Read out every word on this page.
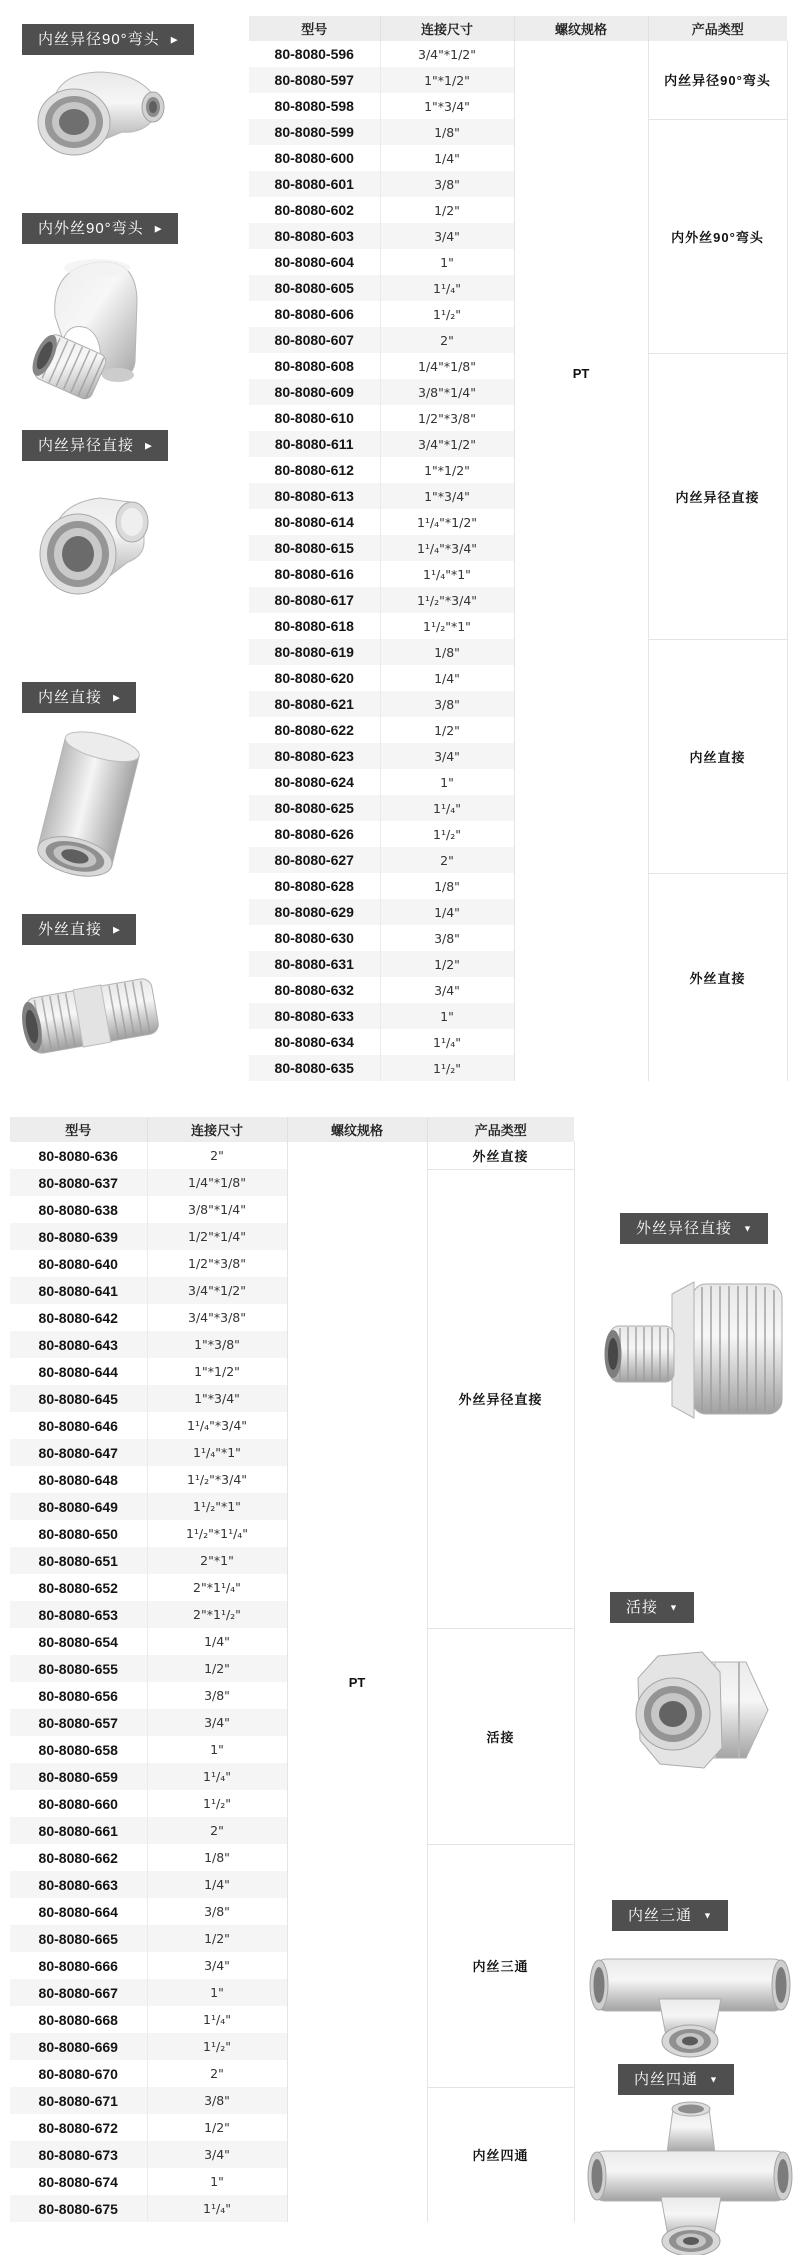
内丝异径90°弯头 ▶
内外丝90°弯头 ▶
内丝异径直接 ▶
内丝直接 ▶
外丝直接 ▶
型号	连接尺寸	螺纹规格	产品类型
80-8080-596	3/4"*1/2"	PT	内丝异径90°弯头
80-8080-597	1"*1/2"		
80-8080-598	1"*3/4"		
80-8080-599	1/8"		内外丝90°弯头
80-8080-600	1/4"		
80-8080-601	3/8"		
80-8080-602	1/2"		
80-8080-603	3/4"		
80-8080-604	1"		
80-8080-605	1¹/₄"		
80-8080-606	1¹/₂"		
80-8080-607	2"		
80-8080-608	1/4"*1/8"		内丝异径直接
80-8080-609	3/8"*1/4"		
80-8080-610	1/2"*3/8"		
80-8080-611	3/4"*1/2"		
80-8080-612	1"*1/2"		
80-8080-613	1"*3/4"		
80-8080-614	1¹/₄"*1/2"		
80-8080-615	1¹/₄"*3/4"		
80-8080-616	1¹/₄"*1"		
80-8080-617	1¹/₂"*3/4"		
80-8080-618	1¹/₂"*1"		
80-8080-619	1/8"		内丝直接
80-8080-620	1/4"		
80-8080-621	3/8"		
80-8080-622	1/2"		
80-8080-623	3/4"		
80-8080-624	1"		
80-8080-625	1¹/₄"		
80-8080-626	1¹/₂"		
80-8080-627	2"		
80-8080-628	1/8"		外丝直接
80-8080-629	1/4"		
80-8080-630	3/8"		
80-8080-631	1/2"		
80-8080-632	3/4"		
80-8080-633	1"		
80-8080-634	1¹/₄"		
80-8080-635	1¹/₂"		
型号	连接尺寸	螺纹规格	产品类型
80-8080-636	2"	PT	外丝直接
80-8080-637	1/4"*1/8"		外丝异径直接
80-8080-638	3/8"*1/4"		
80-8080-639	1/2"*1/4"		
80-8080-640	1/2"*3/8"		
80-8080-641	3/4"*1/2"		
80-8080-642	3/4"*3/8"		
80-8080-643	1"*3/8"		
80-8080-644	1"*1/2"		
80-8080-645	1"*3/4"		
80-8080-646	1¹/₄"*3/4"		
80-8080-647	1¹/₄"*1"		
80-8080-648	1¹/₂"*3/4"		
80-8080-649	1¹/₂"*1"		
80-8080-650	1¹/₂"*1¹/₄"		
80-8080-651	2"*1"		
80-8080-652	2"*1¹/₄"		
80-8080-653	2"*1¹/₂"		
80-8080-654	1/4"		活接
80-8080-655	1/2"		
80-8080-656	3/8"		
80-8080-657	3/4"		
80-8080-658	1"		
80-8080-659	1¹/₄"		
80-8080-660	1¹/₂"		
80-8080-661	2"		
80-8080-662	1/8"		内丝三通
80-8080-663	1/4"		
80-8080-664	3/8"		
80-8080-665	1/2"		
80-8080-666	3/4"		
80-8080-667	1"		
80-8080-668	1¹/₄"		
80-8080-669	1¹/₂"		
80-8080-670	2"		
80-8080-671	3/8"		内丝四通
80-8080-672	1/2"		
80-8080-673	3/4"		
80-8080-674	1"		
80-8080-675	1¹/₄"		
外丝异径直接 ▼
活接 ▼
内丝三通 ▼
内丝四通 ▼
